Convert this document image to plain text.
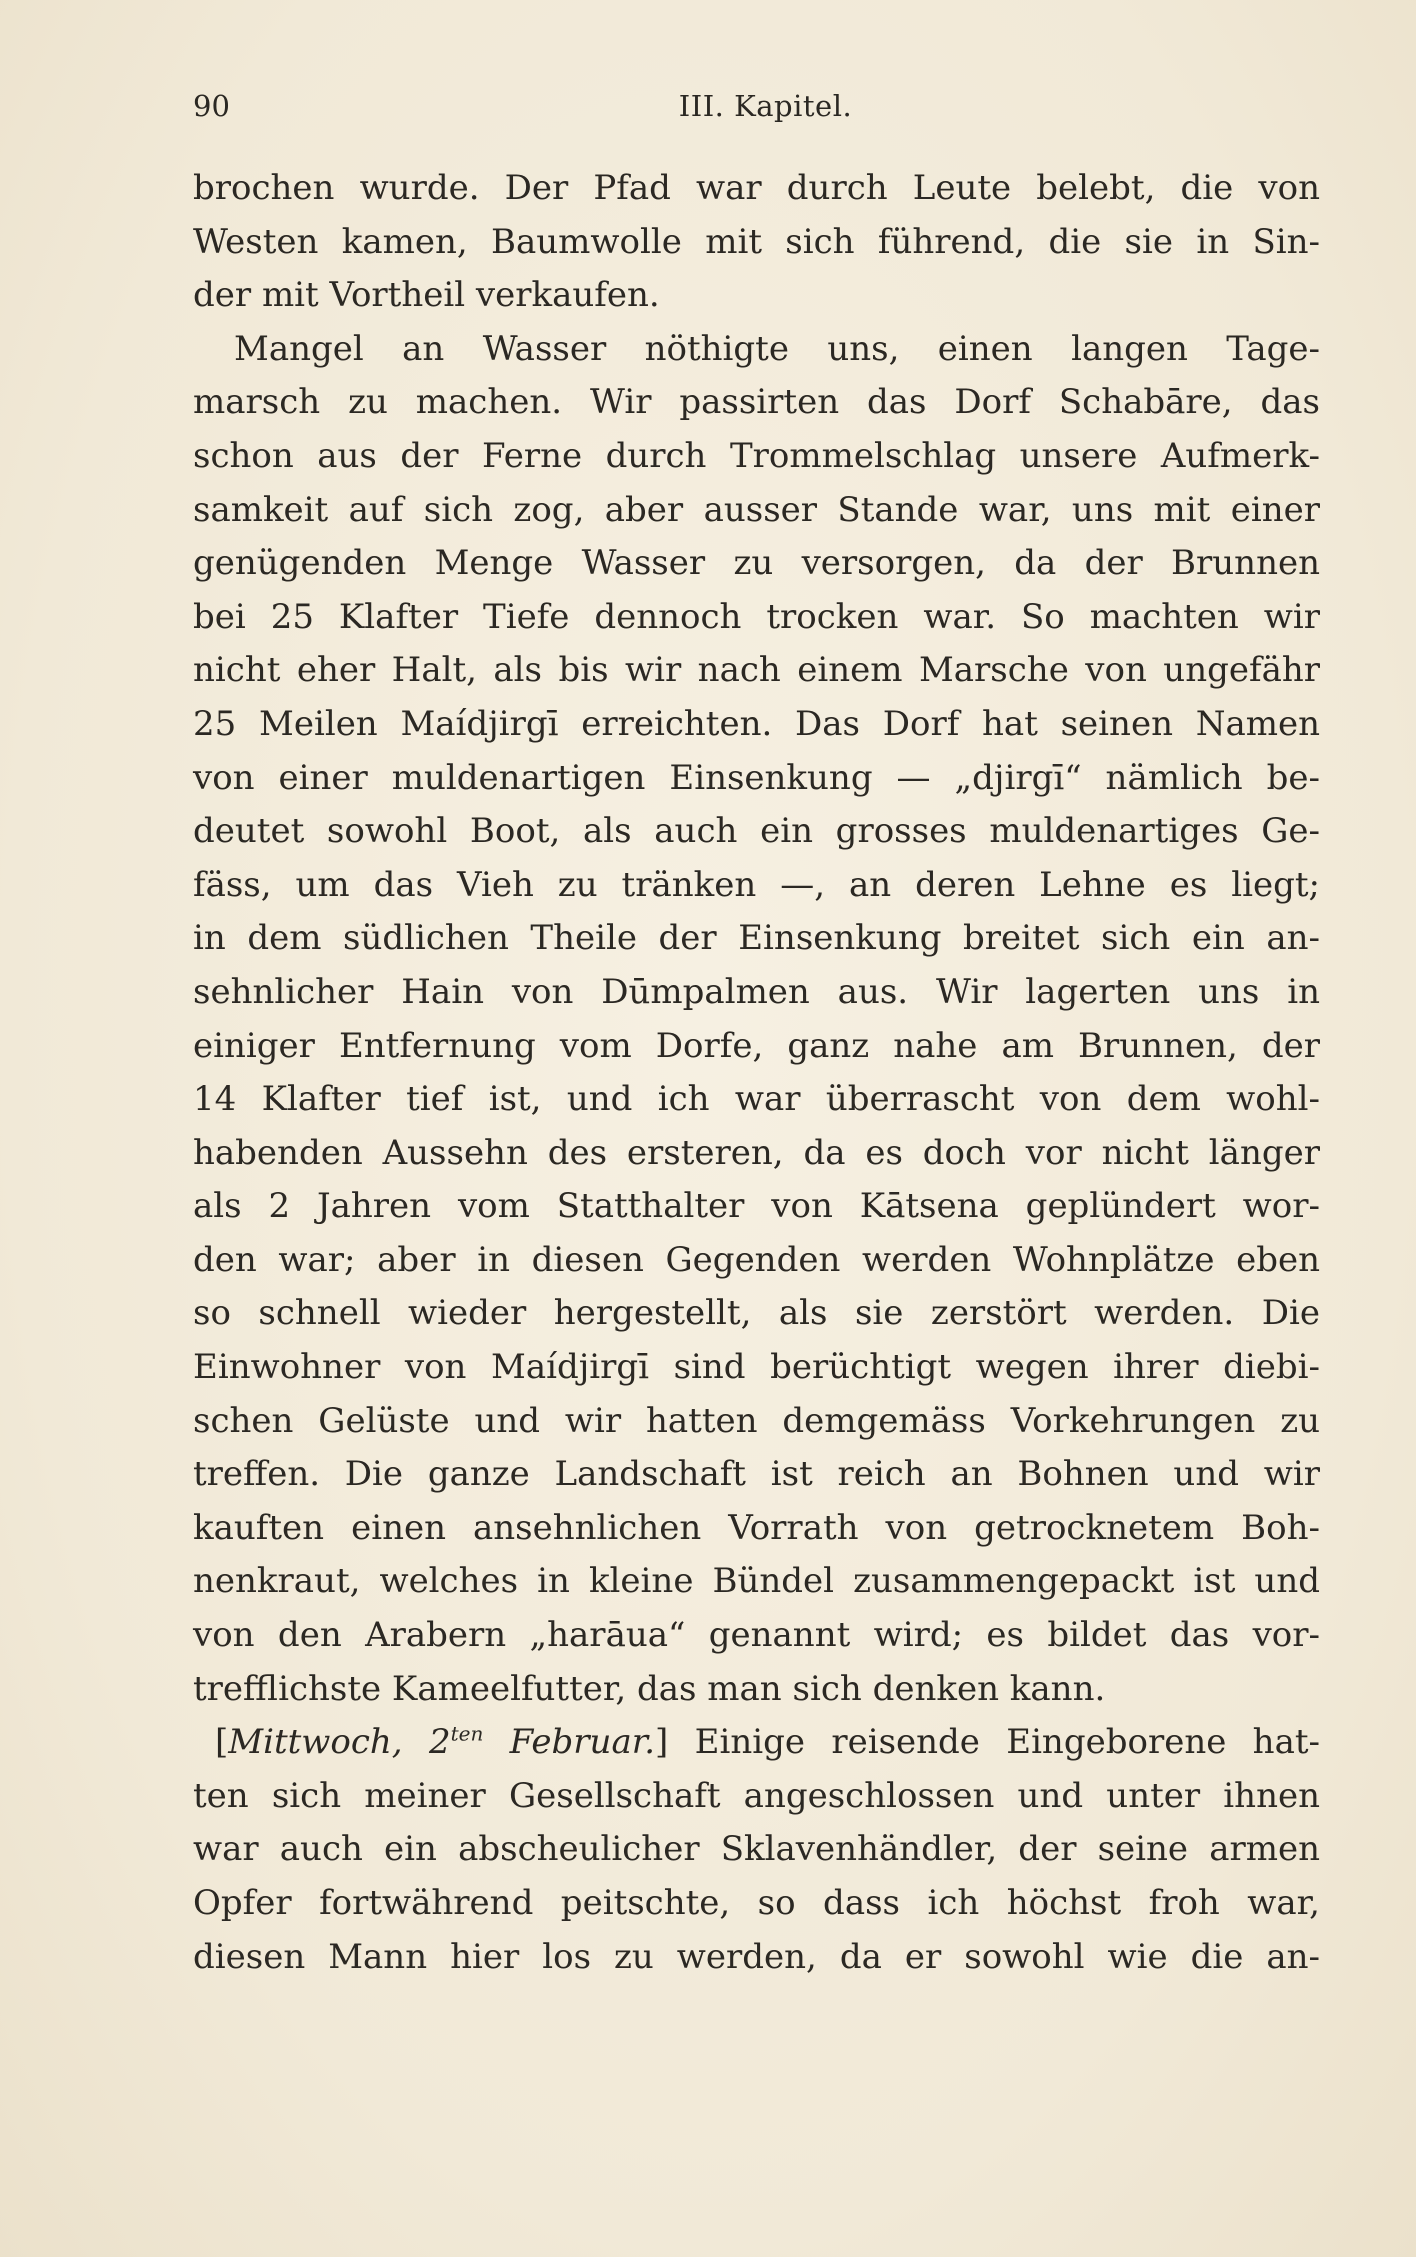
90	III. Kapitel.
brochen wurde. Der Pfad war durch Leute belebt, die von
Westen kamen, Baumwolle mit sich führend, die sie in Sin-
der mit Vortheil verkaufen.
Mangel an Wasser nöthigte uns, einen langen Tage-
marsch zu machen. Wir passirten das Dorf Schabāre, das
schon aus der Ferne durch Trommelschlag unsere Aufmerk-
samkeit auf sich zog, aber ausser Stande war, uns mit einer
genügenden Menge Wasser zu versorgen, da der Brunnen
bei 25 Klafter Tiefe dennoch trocken war. So machten wir
nicht eher Halt, als bis wir nach einem Marsche von ungefähr
25 Meilen Maídjirgī erreichten. Das Dorf hat seinen Namen
von einer muldenartigen Einsenkung — „djirgī“ nämlich be-
deutet sowohl Boot, als auch ein grosses muldenartiges Ge-
fäss, um das Vieh zu tränken —, an deren Lehne es liegt;
in dem südlichen Theile der Einsenkung breitet sich ein an-
sehnlicher Hain von Dūmpalmen aus. Wir lagerten uns in
einiger Entfernung vom Dorfe, ganz nahe am Brunnen, der
14 Klafter tief ist, und ich war überrascht von dem wohl-
habenden Aussehn des ersteren, da es doch vor nicht länger
als 2 Jahren vom Statthalter von Kātsena geplündert wor-
den war; aber in diesen Gegenden werden Wohnplätze eben
so schnell wieder hergestellt, als sie zerstört werden. Die
Einwohner von Maídjirgī sind berüchtigt wegen ihrer diebi-
schen Gelüste und wir hatten demgemäss Vorkehrungen zu
treffen. Die ganze Landschaft ist reich an Bohnen und wir
kauften einen ansehnlichen Vorrath von getrocknetem Boh-
nenkraut, welches in kleine Bündel zusammengepackt ist und
von den Arabern „harāua“ genannt wird; es bildet das vor-
trefflichste Kameelfutter, das man sich denken kann.
[Mittwoch, $2^{ten}$ Februar.] Einige reisende Eingeborene hat-
ten sich meiner Gesellschaft angeschlossen und unter ihnen
war auch ein abscheulicher Sklavenhändler, der seine armen
Opfer fortwährend peitschte, so dass ich höchst froh war,
diesen Mann hier los zu werden, da er sowohl wie die an-
